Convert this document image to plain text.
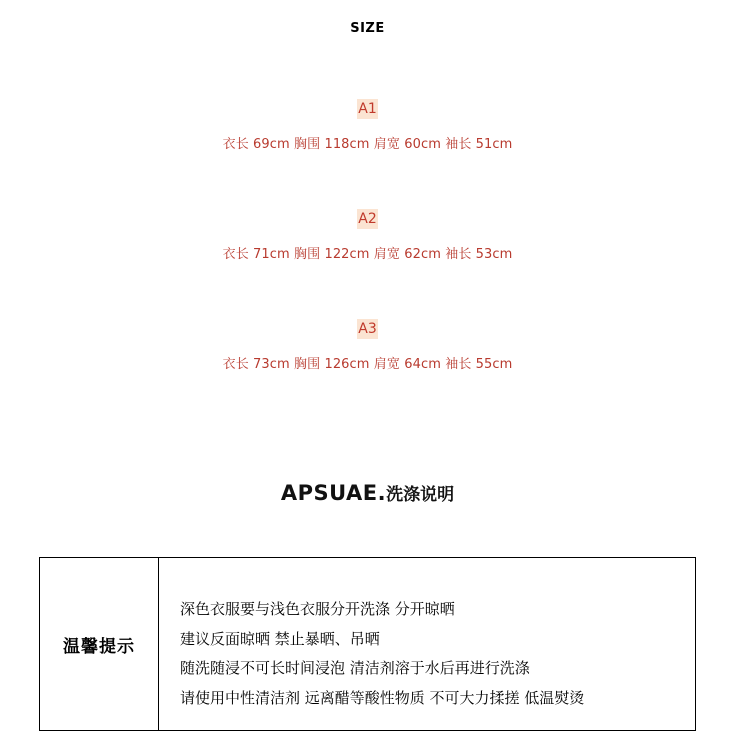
SIZE
A1
衣长 69cm 胸围 118cm 肩宽 60cm 袖长 51cm
A2
衣长 71cm 胸围 122cm 肩宽 62cm 袖长 53cm
A3
衣长 73cm 胸围 126cm 肩宽 64cm 袖长 55cm
APSUAE.洗涤说明
温馨提示
深色衣服要与浅色衣服分开洗涤 分开晾晒
建议反面晾晒 禁止暴晒、吊晒
随洗随浸不可长时间浸泡 清洁剂溶于水后再进行洗涤
请使用中性清洁剂 远离醋等酸性物质 不可大力揉搓 低温熨烫
